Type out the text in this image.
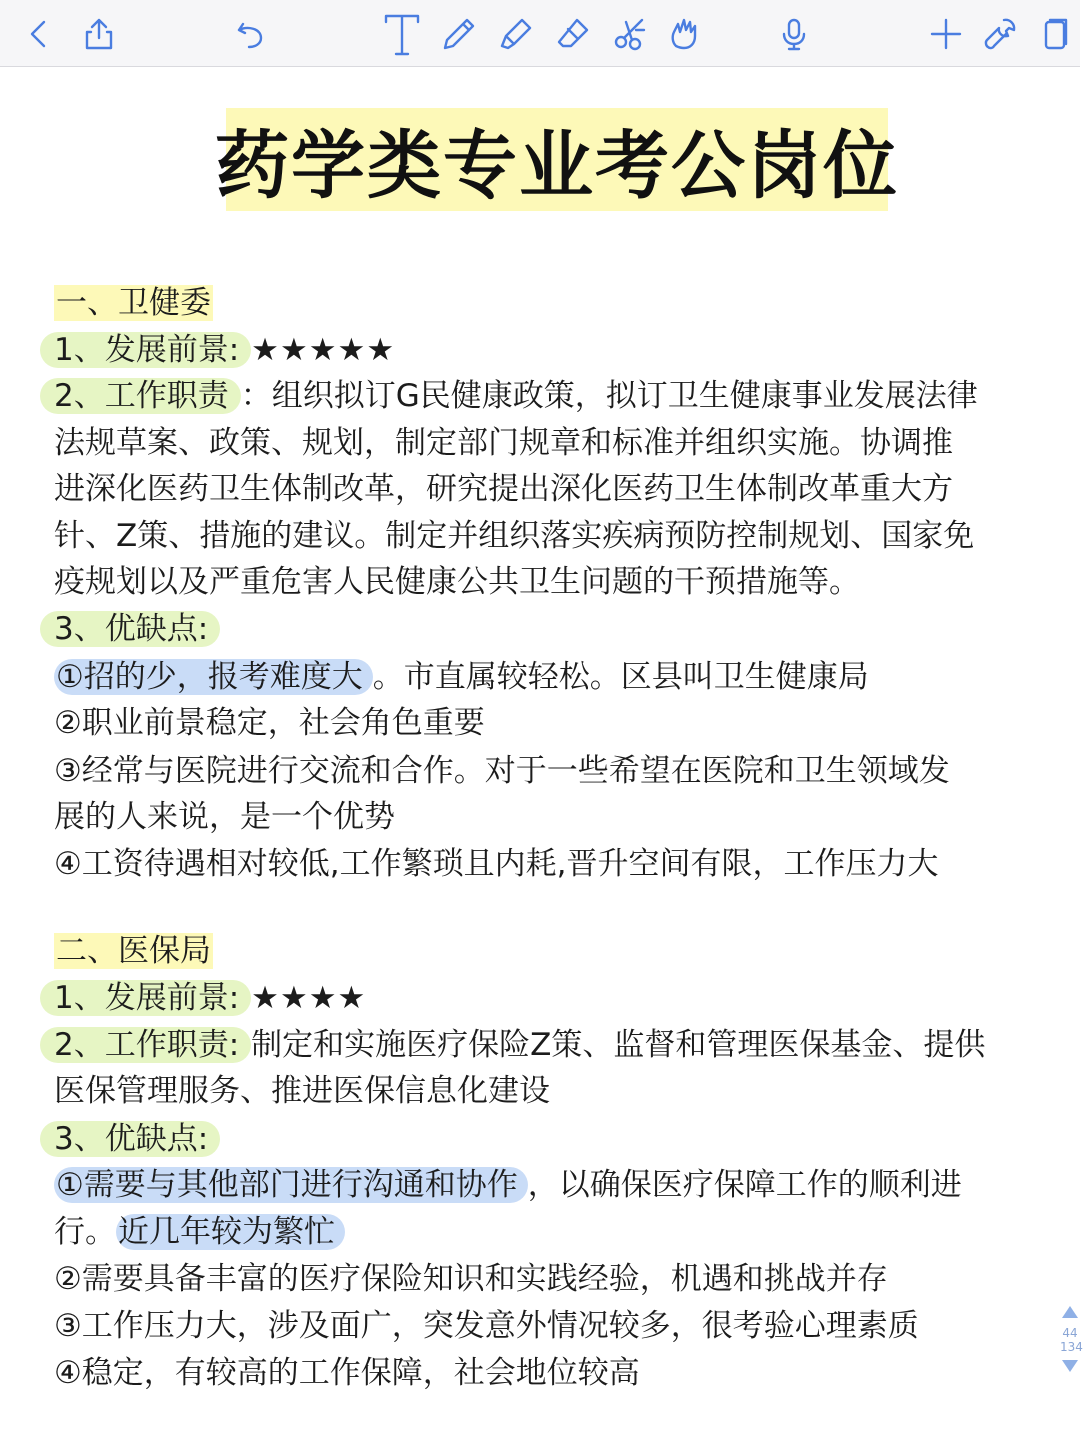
药学类专业考公岗位
一、卫健委
1、发展前景: ★★★★★
2、工作职责 ：组织拟订G民健康政策，拟订卫生健康事业发展法律
法规草案、政策、规划，制定部门规章和标准并组织实施。协调推
进深化医药卫生体制改革，研究提出深化医药卫生体制改革重大方
针、Z策、措施的建议。制定并组织落实疾病预防控制规划、国家免
疫规划以及严重危害人民健康公共卫生问题的干预措施等。
3、优缺点:
①招的少，报考难度大 。市直属较轻松。区县叫卫生健康局
②职业前景稳定，社会角色重要
③经常与医院进行交流和合作。对于一些希望在医院和卫生领域发
展的人来说，是一个优势
④工资待遇相对较低,工作繁琐且内耗,晋升空间有限，工作压力大
二、医保局
1、发展前景: ★★★★
2、工作职责: 制定和实施医疗保险Z策、监督和管理医保基金、提供
医保管理服务、推进医保信息化建设
3、优缺点:
①需要与其他部门进行沟通和协作 ，以确保医疗保障工作的顺利进
行。近几年较为繁忙
②需要具备丰富的医疗保险知识和实践经验，机遇和挑战并存
③工作压力大，涉及面广，突发意外情况较多，很考验心理素质
④稳定，有较高的工作保障，社会地位较高
44
134
